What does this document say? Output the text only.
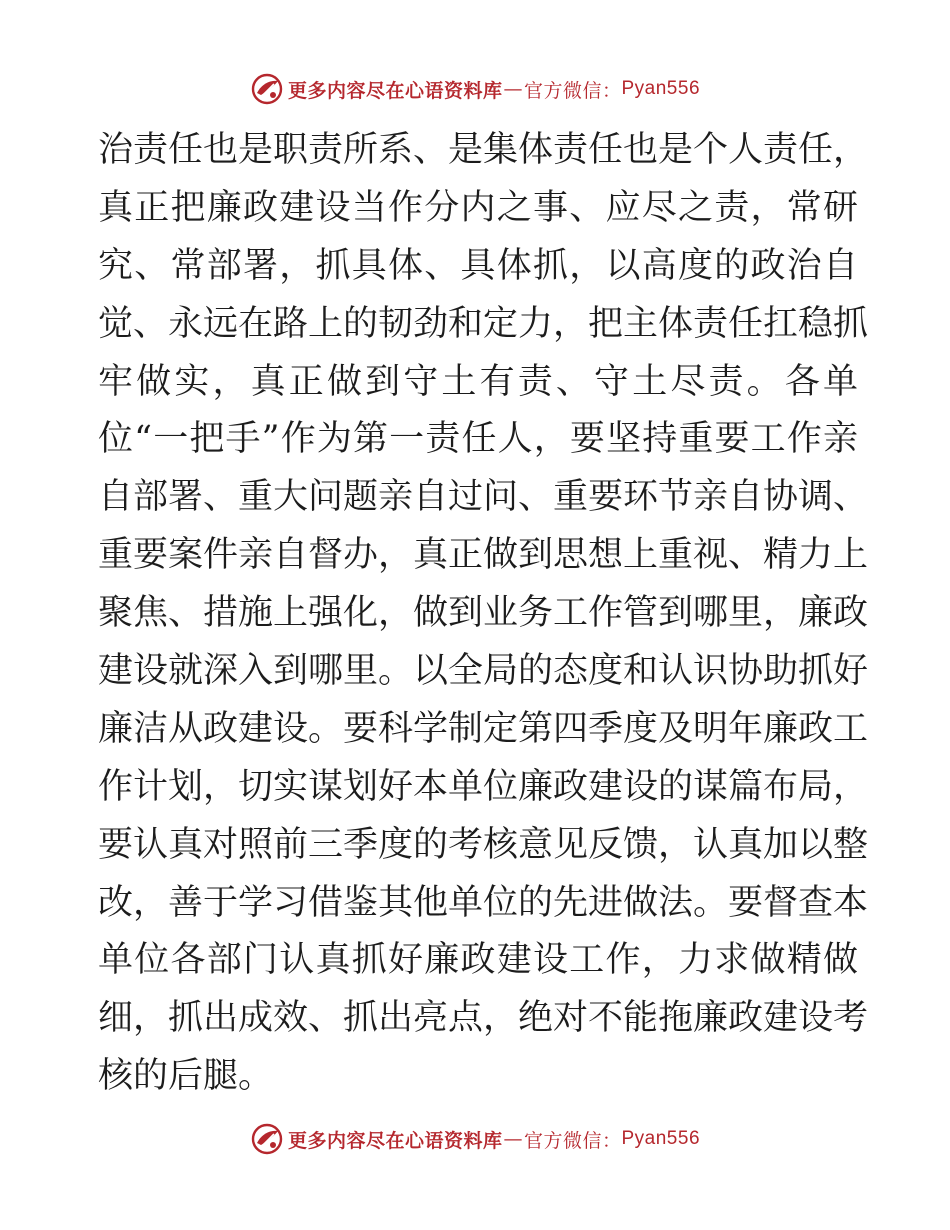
更多内容尽在心语资料库 — 官方微信： Pyan556
治责任也是职责所系、是集体责任也是个人责任，
真正把廉政建设当作分内之事、应尽之责，常研
究、常部署，抓具体、具体抓，以高度的政治自
觉、永远在路上的韧劲和定力，把主体责任扛稳抓
牢做实，真正做到守土有责、守土尽责。各单
位“一把手”作为第一责任人，要坚持重要工作亲
自部署、重大问题亲自过问、重要环节亲自协调、
重要案件亲自督办，真正做到思想上重视、精力上
聚焦、措施上强化，做到业务工作管到哪里，廉政
建设就深入到哪里。以全局的态度和认识协助抓好
廉洁从政建设。要科学制定第四季度及明年廉政工
作计划，切实谋划好本单位廉政建设的谋篇布局，
要认真对照前三季度的考核意见反馈，认真加以整
改，善于学习借鉴其他单位的先进做法。要督查本
单位各部门认真抓好廉政建设工作，力求做精做
细，抓出成效、抓出亮点，绝对不能拖廉政建设考
核的后腿。
更多内容尽在心语资料库 — 官方微信： Pyan556
